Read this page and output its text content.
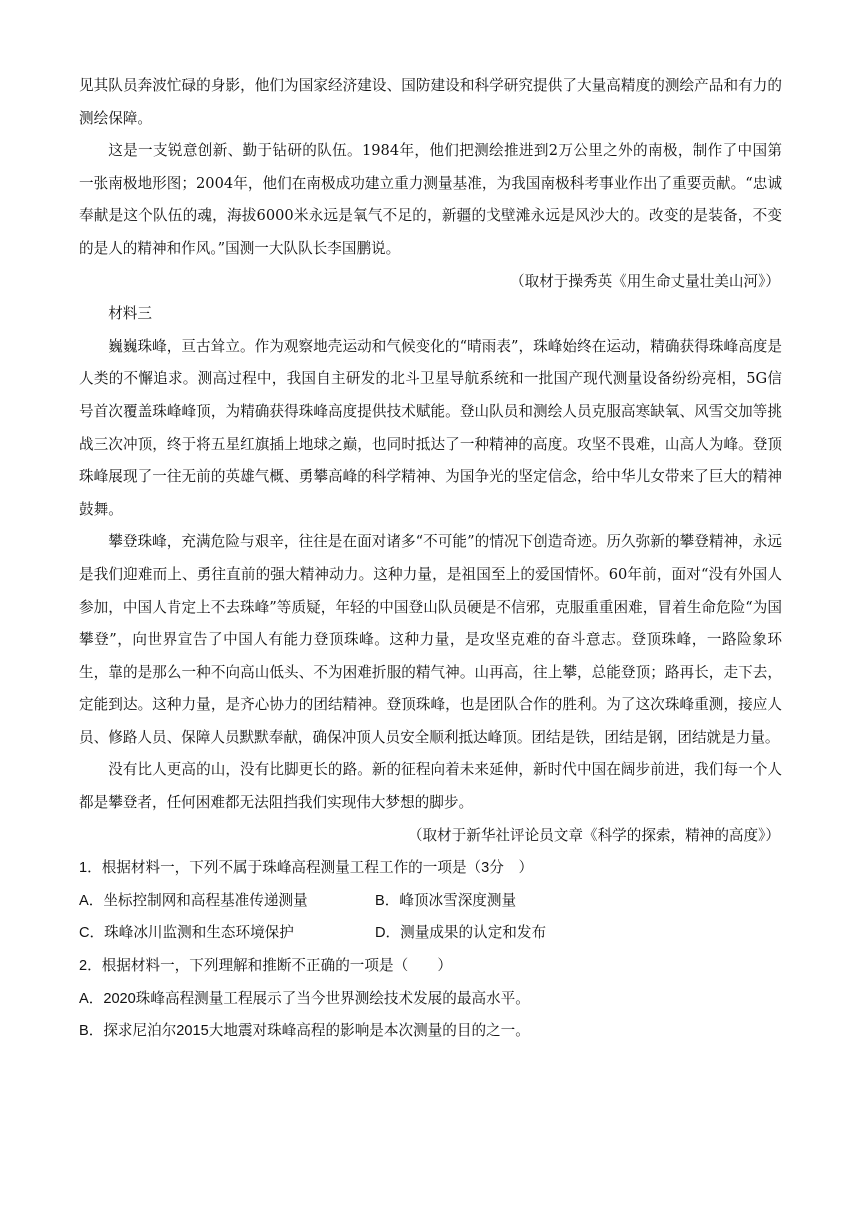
见其队员奔波忙碌的身影，他们为国家经济建设、国防建设和科学研究提供了大量高精度的测绘产品和有力的测绘保障。

这是一支锐意创新、勤于钻研的队伍。1984年，他们把测绘推进到2万公里之外的南极，制作了中国第一张南极地形图；2004年，他们在南极成功建立重力测量基准，为我国南极科考事业作出了重要贡献。“忠诚奉献是这个队伍的魂，海拔6000米永远是氧气不足的，新疆的戈壁滩永远是风沙大的。改变的是装备，不变的是人的精神和作风。”国测一大队队长李国鹏说。

（取材于操秀英《用生命丈量壮美山河》）

材料三

巍巍珠峰，亘古耸立。作为观察地壳运动和气候变化的“晴雨表”，珠峰始终在运动，精确获得珠峰高度是人类的不懈追求。测高过程中，我国自主研发的北斗卫星导航系统和一批国产现代测量设备纷纷亮相，5G信号首次覆盖珠峰峰顶，为精确获得珠峰高度提供技术赋能。登山队员和测绘人员克服高寒缺氧、风雪交加等挑战三次冲顶，终于将五星红旗插上地球之巅，也同时抵达了一种精神的高度。攻坚不畏难，山高人为峰。登顶珠峰展现了一往无前的英雄气概、勇攀高峰的科学精神、为国争光的坚定信念，给中华儿女带来了巨大的精神鼓舞。

攀登珠峰，充满危险与艰辛，往往是在面对诸多“不可能”的情况下创造奇迹。历久弥新的攀登精神，永远是我们迎难而上、勇往直前的强大精神动力。这种力量，是祖国至上的爱国情怀。60年前，面对“没有外国人参加，中国人肯定上不去珠峰”等质疑，年轻的中国登山队员硬是不信邪，克服重重困难，冒着生命危险“为国攀登”，向世界宣告了中国人有能力登顶珠峰。这种力量，是攻坚克难的奋斗意志。登顶珠峰，一路险象环生，靠的是那么一种不向高山低头、不为困难折服的精气神。山再高，往上攀，总能登顶；路再长，走下去，定能到达。这种力量，是齐心协力的团结精神。登顶珠峰，也是团队合作的胜利。为了这次珠峰重测，接应人员、修路人员、保障人员默默奉献，确保冲顶人员安全顺利抵达峰顶。团结是铁，团结是钢，团结就是力量。

没有比人更高的山，没有比脚更长的路。新的征程向着未来延伸，新时代中国在阔步前进，我们每一个人都是攀登者，任何困难都无法阻挡我们实现伟大梦想的脚步。

（取材于新华社评论员文章《科学的探索，精神的高度》）

1．根据材料一，下列不属于珠峰高程测量工程工作的一项是（3分　）

A．坐标控制网和高程基准传递测量	B．峰顶冰雪深度测量
C．珠峰冰川监测和生态环境保护	D．测量成果的认定和发布

2．根据材料一，下列理解和推断不正确的一项是（　　）

A．2020珠峰高程测量工程展示了当今世界测绘技术发展的最高水平。

B．探求尼泊尔2015大地震对珠峰高程的影响是本次测量的目的之一。
